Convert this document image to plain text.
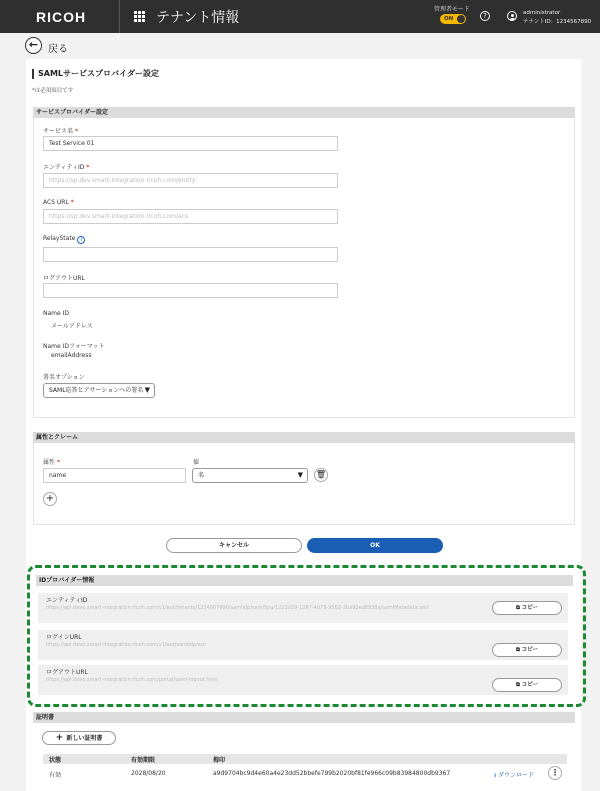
RICOH	テナント情報
管理者モード
ON	?	administrator
テナントID：1234567890
← 戻る
SAMLサービスプロバイダー設定
*は必須項目です
サービスプロバイダー設定
サービス名 *
Test Service 01
エンティティID *
https://sp.dev.smart-integration.ricoh.com/entity
ACS URL *
https://sp.dev.smart-integration.ricoh.com/acs
RelayState i
ログアウトURL
Name ID
メールアドレス
Name IDフォーマット
emailAddress
署名オプション
SAML応答とアサーションへの署名 ▼
属性とクレーム
属性 *	値
name	名	▼ 🗑
+
キャンセル	OK
IDプロバイダー情報
エンティティID
https://api.devo.smart-integration.ricoh.com/v1/aut/tenants/1234567890/samlidp/samlSpu/1223d29-1287-4d79-9562-2ba92ed8938a/samlMetadata.xml	⧉ コピー
ログインURL
https://api.devo.smart-integration.ricoh.com/v1/aut/samlidp/sso
⧉ コピー
ログアウトURL
https://api.devo.smart-integration.ricoh.com/portal/saml-logout.html
⧉ コピー
証明書
+ 新しい証明書
状態	有効期限	拇印
有効	2028/08/20	a9d9704bc9d4e60a4e23dd52bbefe799b2020bf81fe966c09b83984800db9367	⭳ ダウンロード	⋮
